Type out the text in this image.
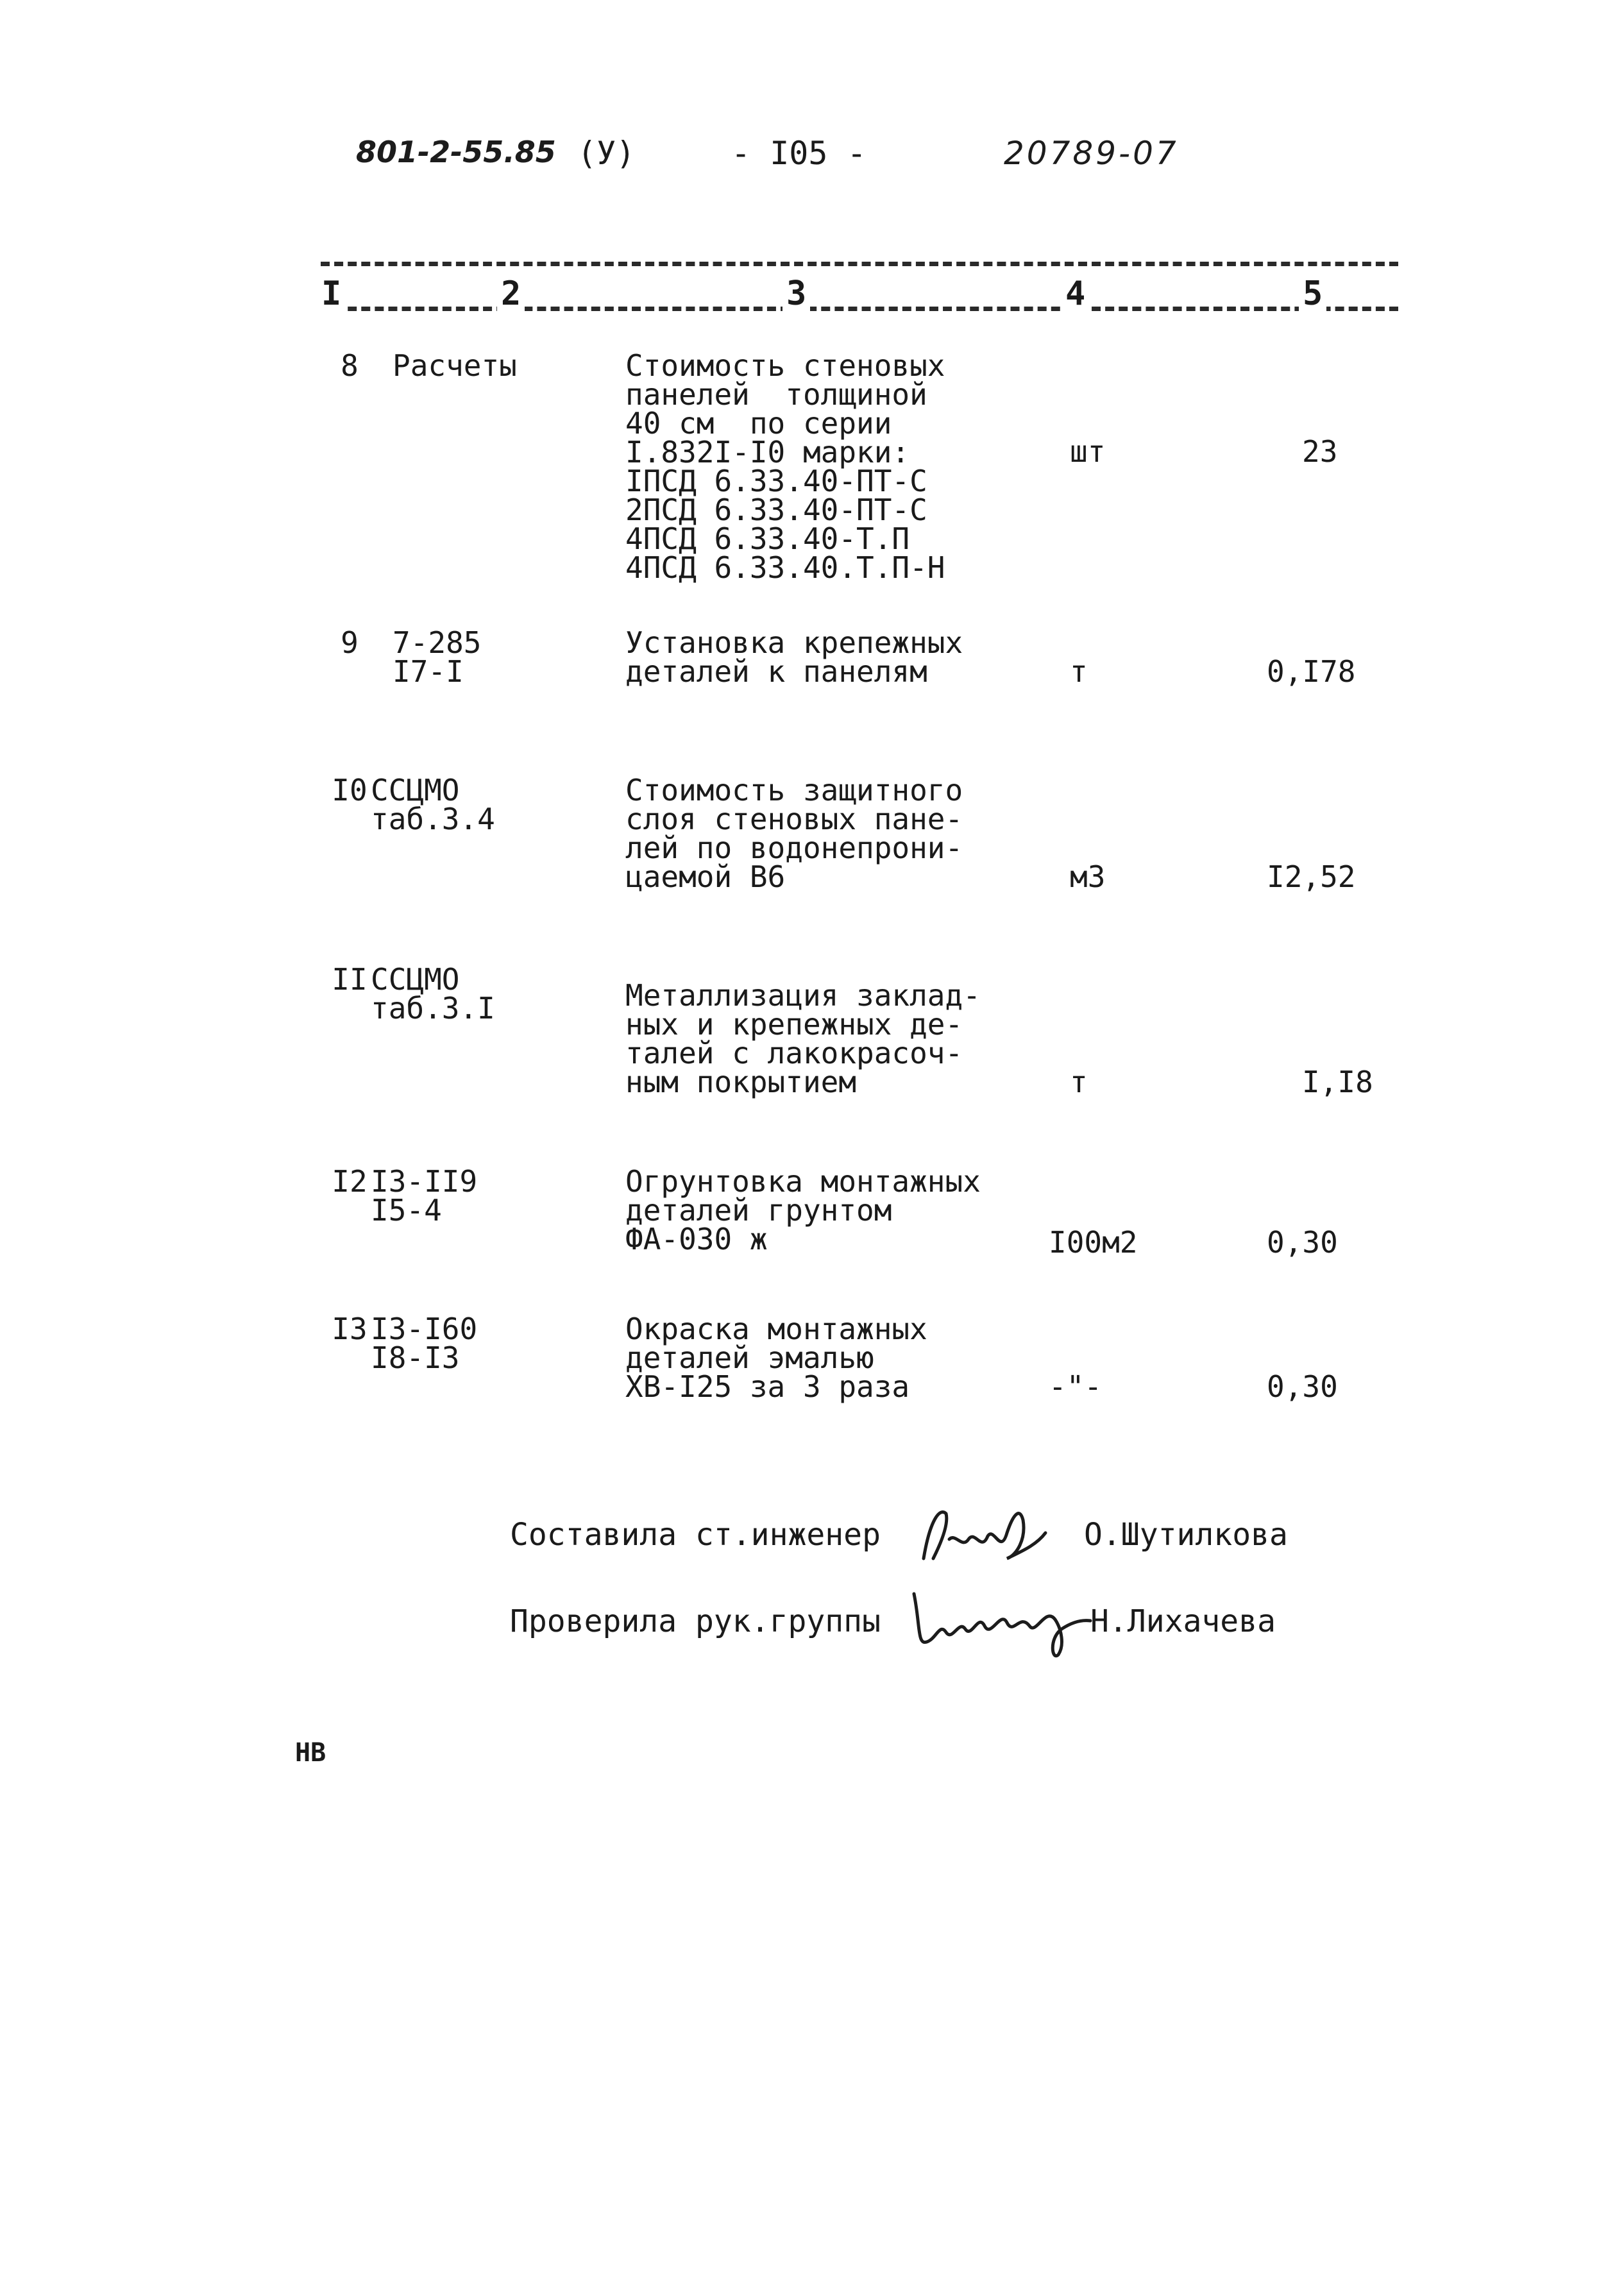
801-2-55.85 (У)	- I05 -	20789-07
I	2	3	4	5
8	Расчеты	Стоимость стеновых
панелей  толщиной
40 см  по серии
I.832I-I0 марки:
IПСД 6.33.40-ПТ-С
2ПСД 6.33.40-ПТ-С
4ПСД 6.33.40-Т.П
4ПСД 6.33.40.Т.П-Н
шт	23
9	7-285
I7-I
Установка крепежных
деталей к панелям	т	0,I78
I0 ССЦМО
таб.3.4
Стоимость защитного
слоя стеновых пане-
лей по водонепрони-
цаемой В6	м3	I2,52
II ССЦМО
таб.3.I	Металлизация заклад-
ных и крепежных де-
талей с лакокрасоч-
ным покрытием	т	I,I8
I2 I3-II9
I5-4
Огрунтовка монтажных
деталей грунтом
ФА-030 ж	I00м2	0,30
I3 I3-I60
I8-I3
Окраска монтажных
деталей эмалью
ХВ-I25 за 3 раза	-"-	0,30
Составила ст.инженер	О.Шутилкова
Проверила рук.группы	Н.Лихачева
НВ
